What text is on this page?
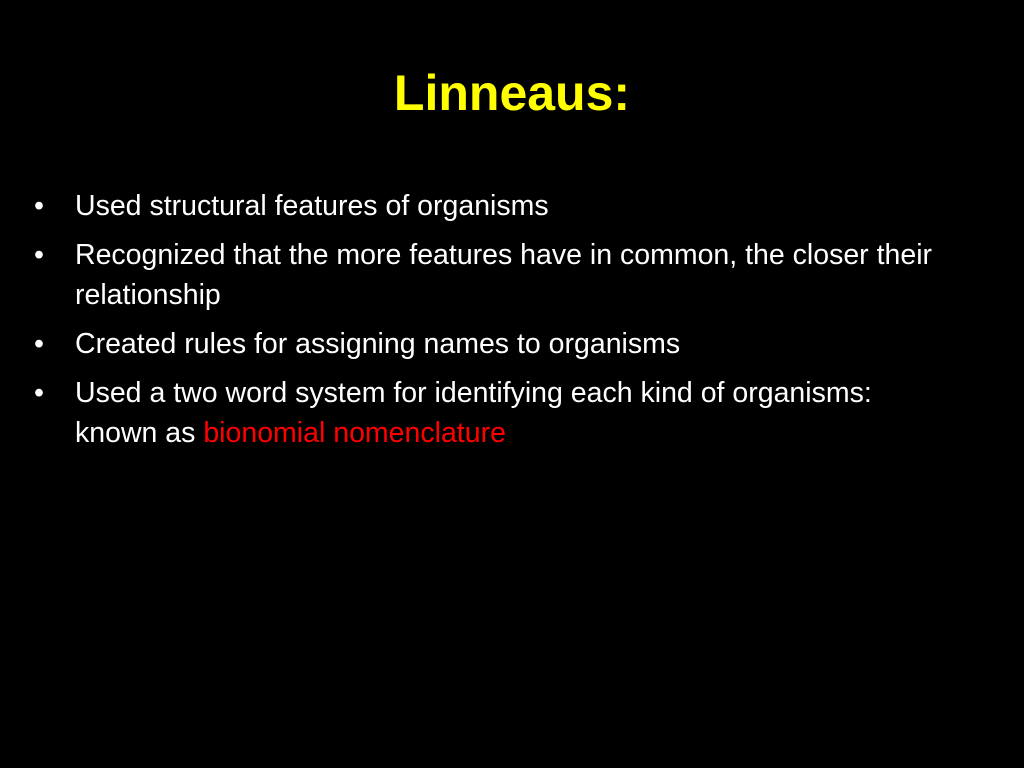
Linneaus:
•	Used structural features of organisms
•	Recognized that the more features have in common, the closer their relationship
•	Created rules for assigning names to organisms
•	Used a two word system for identifying each kind of organisms: known as bionomial nomenclature
